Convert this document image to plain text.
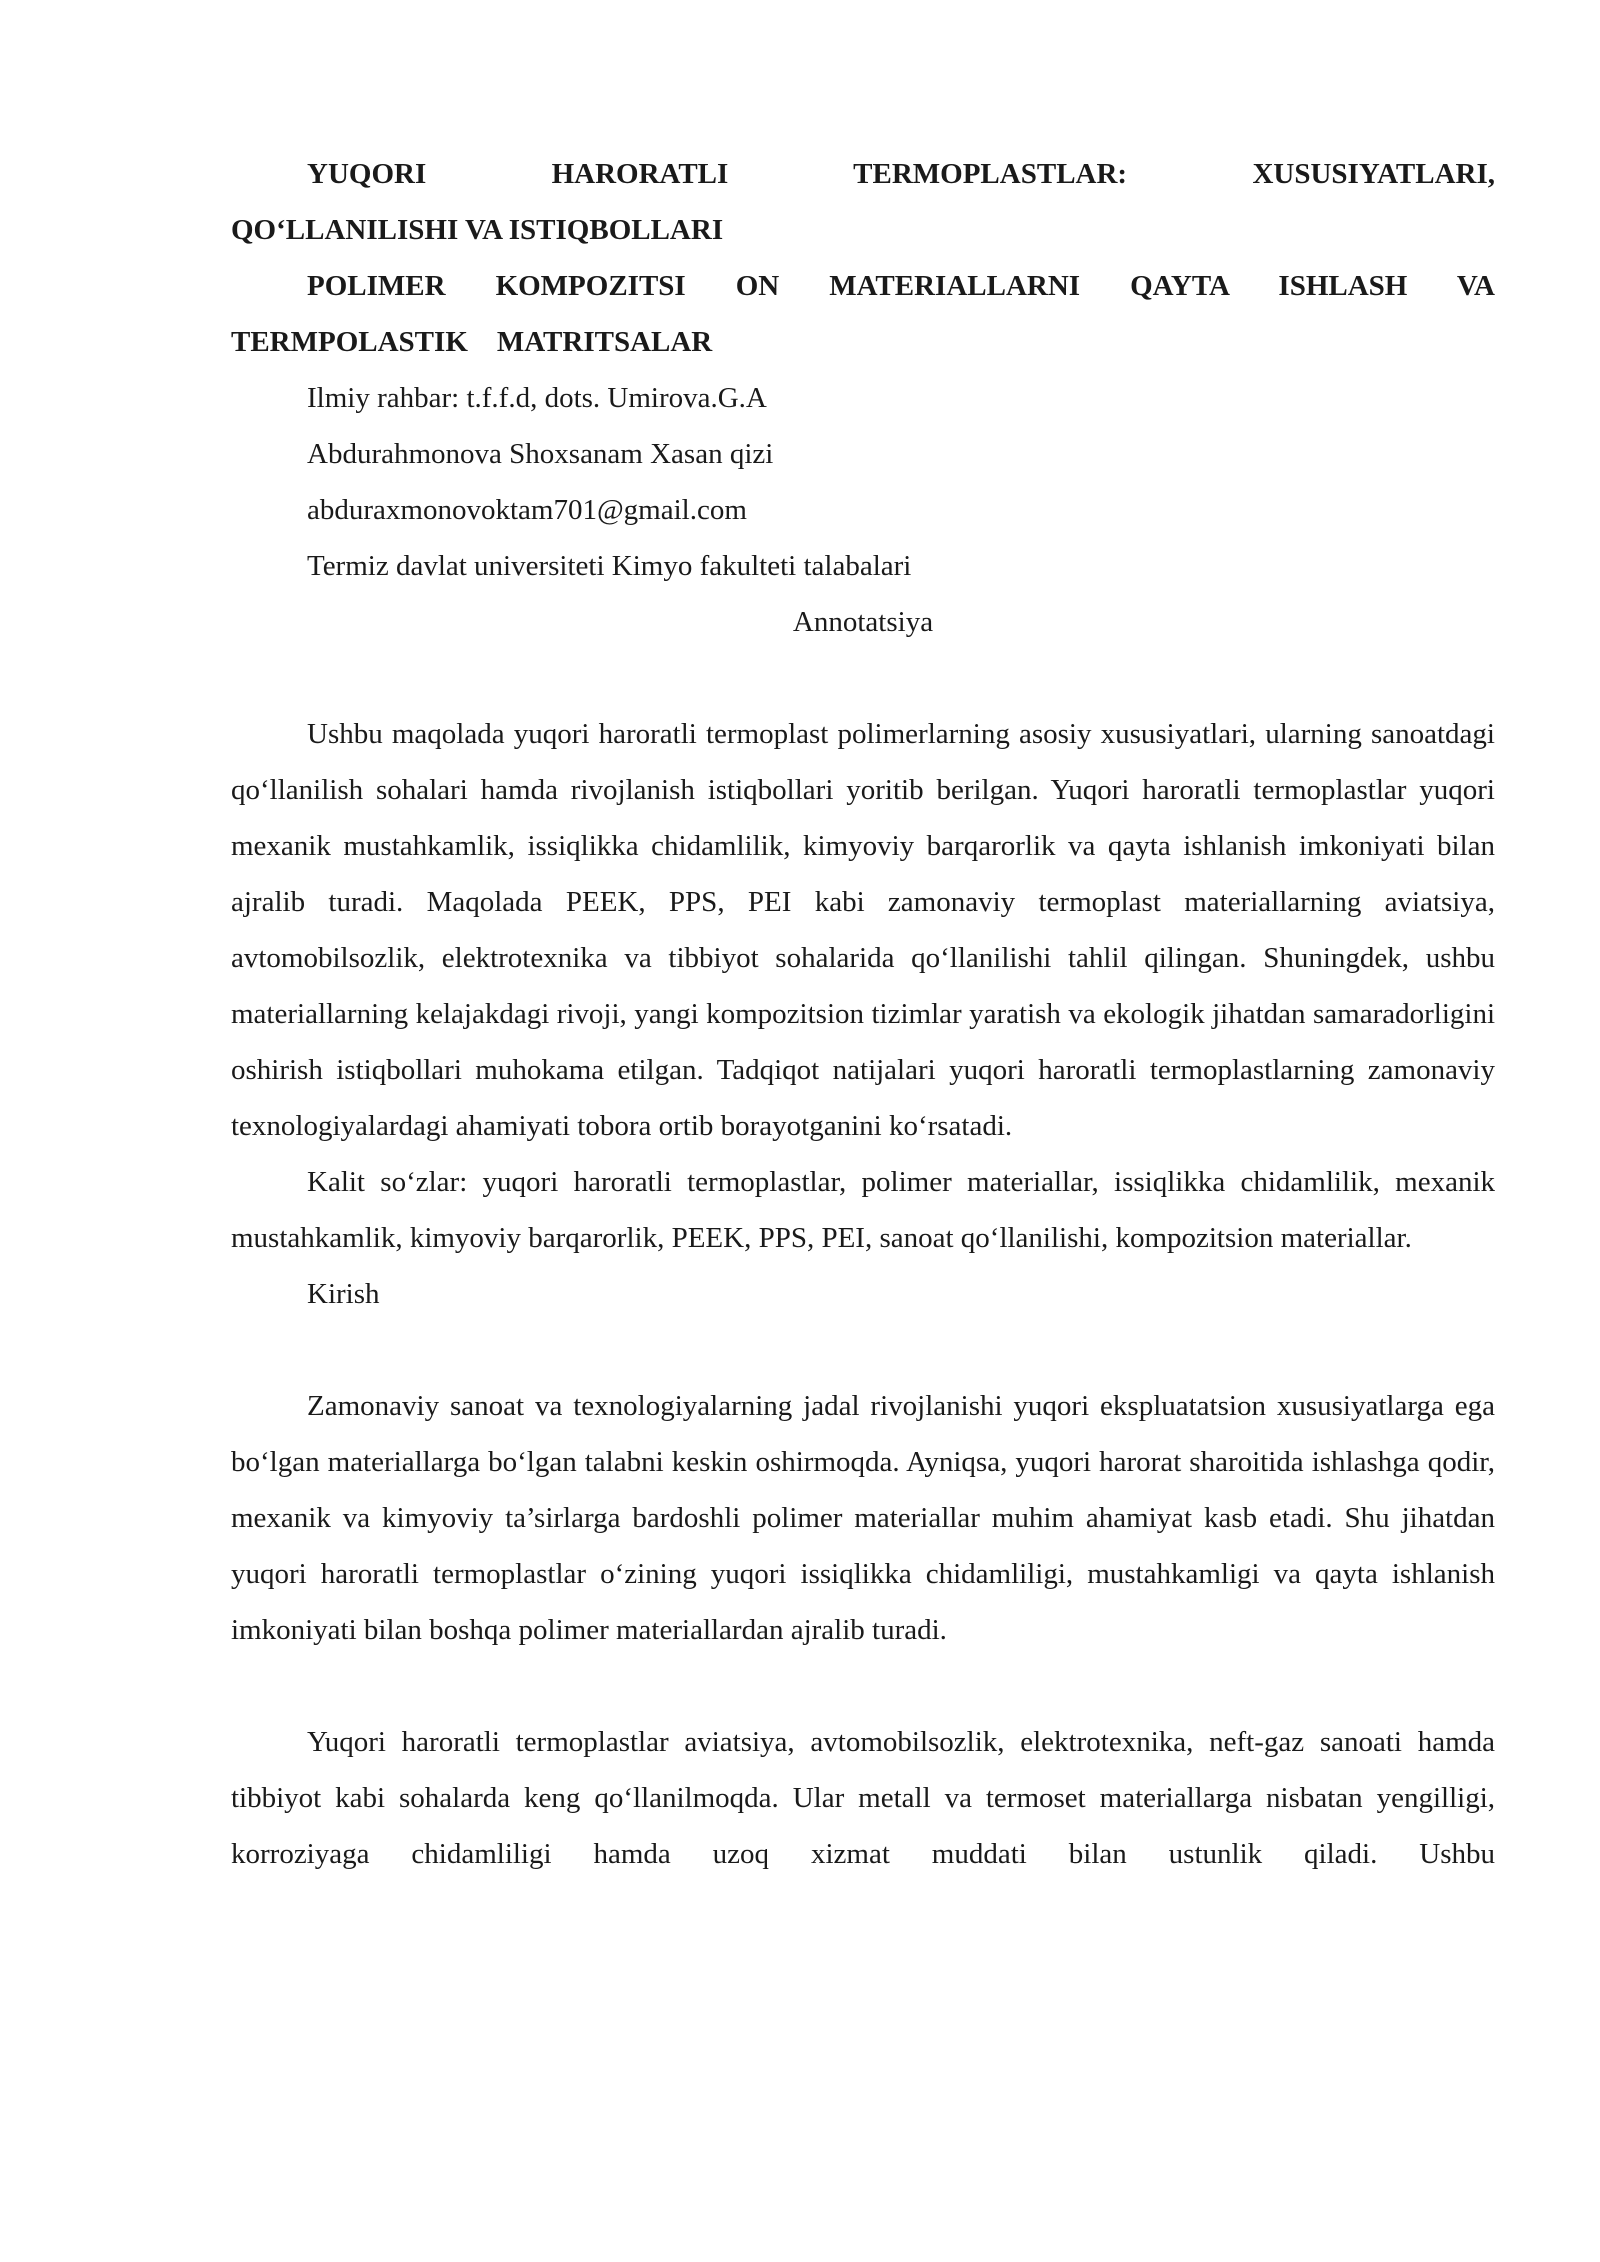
YUQORI HARORATLI TERMOPLASTLAR: XUSUSIYATLARI,

QO‘LLANILISHI VA ISTIQBOLLARI

POLIMER KOMPOZITSI ON MATERIALLARNI QAYTA ISHLASH VA

TERMPOLASTIK    MATRITSALAR

Ilmiy rahbar: t.f.f.d, dots. Umirova.G.A

Abdurahmonova Shoxsanam Xasan qizi

abduraxmonovoktam701@gmail.com

Termiz davlat universiteti Kimyo fakulteti talabalari

Annotatsiya

Ushbu maqolada yuqori haroratli termoplast polimerlarning asosiy xususiyatlari, ularning sanoatdagi qo‘llanilish sohalari hamda rivojlanish istiqbollari yoritib berilgan. Yuqori haroratli termoplastlar yuqori mexanik mustahkamlik, issiqlikka chidamlilik, kimyoviy barqarorlik va qayta ishlanish imkoniyati bilan ajralib turadi. Maqolada PEEK, PPS, PEI kabi zamonaviy termoplast materiallarning aviatsiya, avtomobilsozlik, elektrotexnika va tibbiyot sohalarida qo‘llanilishi tahlil qilingan. Shuningdek, ushbu materiallarning kelajakdagi rivoji, yangi kompozitsion tizimlar yaratish va ekologik jihatdan samaradorligini oshirish istiqbollari muhokama etilgan. Tadqiqot natijalari yuqori haroratli termoplastlarning zamonaviy texnologiyalardagi ahamiyati tobora ortib borayotganini ko‘rsatadi.

Kalit so‘zlar: yuqori haroratli termoplastlar, polimer materiallar, issiqlikka chidamlilik, mexanik mustahkamlik, kimyoviy barqarorlik, PEEK, PPS, PEI, sanoat qo‘llanilishi, kompozitsion materiallar.

Kirish

Zamonaviy sanoat va texnologiyalarning jadal rivojlanishi yuqori ekspluatatsion xususiyatlarga ega bo‘lgan materiallarga bo‘lgan talabni keskin oshirmoqda. Ayniqsa, yuqori harorat sharoitida ishlashga qodir, mexanik va kimyoviy ta’sirlarga bardoshli polimer materiallar muhim ahamiyat kasb etadi. Shu jihatdan yuqori haroratli termoplastlar o‘zining yuqori issiqlikka chidamliligi, mustahkamligi va qayta ishlanish imkoniyati bilan boshqa polimer materiallardan ajralib turadi.

Yuqori haroratli termoplastlar aviatsiya, avtomobilsozlik, elektrotexnika, neft-gaz sanoati hamda tibbiyot kabi sohalarda keng qo‘llanilmoqda. Ular metall va termoset materiallarga nisbatan yengilligi, korroziyaga chidamliligi hamda uzoq xizmat muddati bilan ustunlik qiladi. Ushbu
